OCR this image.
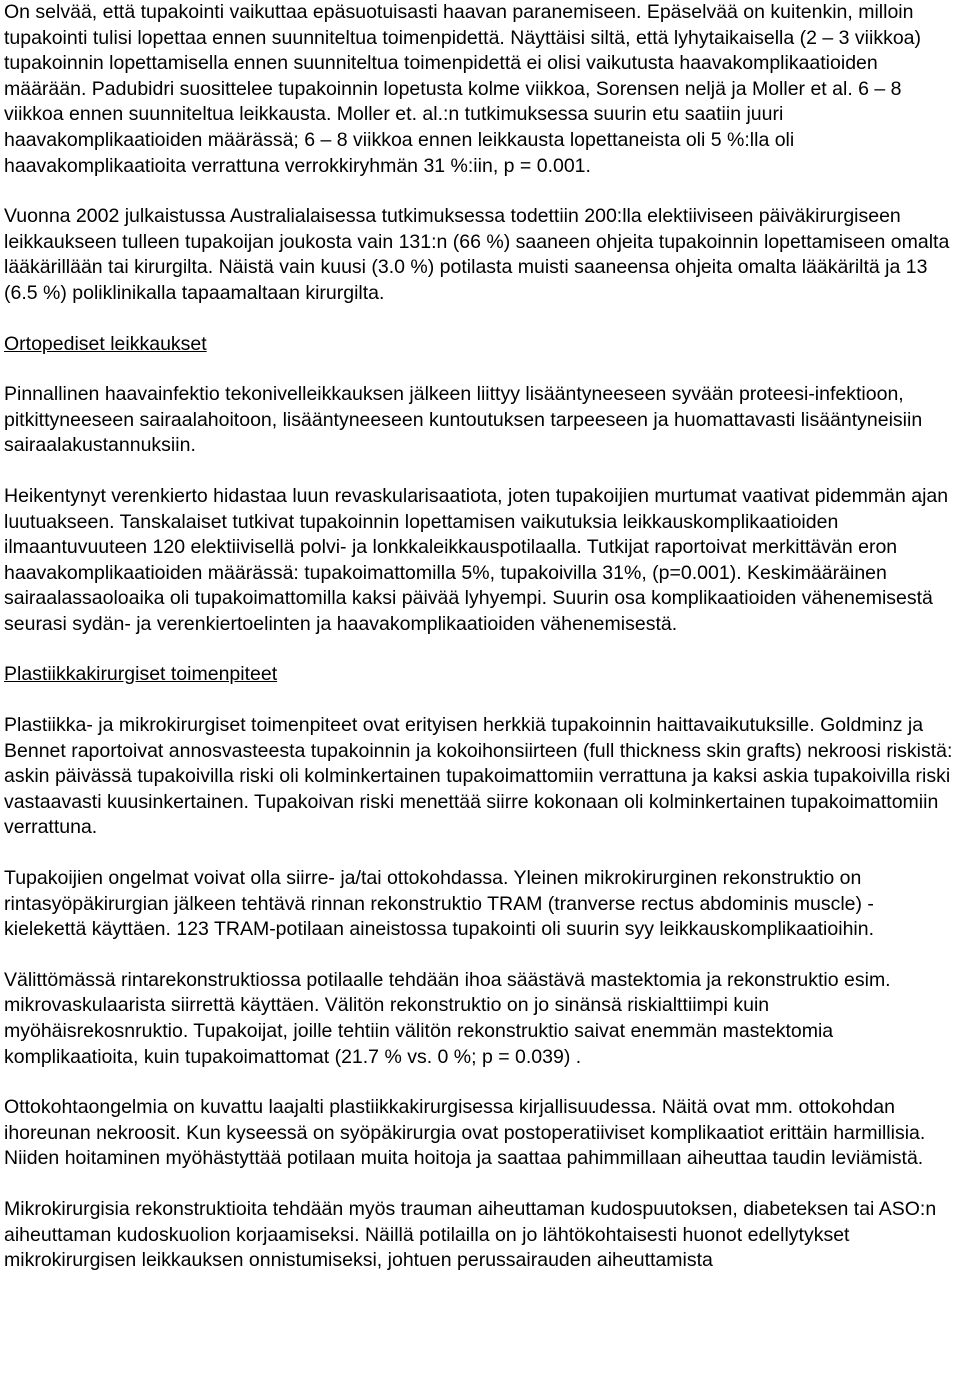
On selvää, että tupakointi vaikuttaa epäsuotuisasti haavan paranemiseen. Epäselvää on kuitenkin, milloin tupakointi tulisi lopettaa ennen suunniteltua toimenpidettä. Näyttäisi siltä, että lyhytaikaisella (2 – 3 viikkoa) tupakoinnin lopettamisella ennen suunniteltua toimenpidettä ei olisi vaikutusta haavakomplikaatioiden määrään. Padubidri suosittelee tupakoinnin lopetusta kolme viikkoa, Sorensen neljä ja Moller et al. 6 – 8 viikkoa ennen suunniteltua leikkausta. Moller et. al.:n tutkimuksessa suurin etu saatiin juuri haavakomplikaatioiden määrässä; 6 – 8 viikkoa ennen leikkausta lopettaneista oli 5 %:lla oli haavakomplikaatioita verrattuna verrokkiryhmän 31 %:iin, p = 0.001.

Vuonna 2002 julkaistussa Australialaisessa tutkimuksessa todettiin 200:lla elektiiviseen päiväkirurgiseen leikkaukseen tulleen tupakoijan joukosta vain 131:n (66 %) saaneen ohjeita tupakoinnin lopettamiseen omalta lääkärillään tai kirurgilta. Näistä vain kuusi (3.0 %) potilasta muisti saaneensa ohjeita omalta lääkäriltä ja 13 (6.5 %) poliklinikalla tapaamaltaan kirurgilta.

Ortopediset leikkaukset

Pinnallinen haavainfektio tekonivelleikkauksen jälkeen liittyy lisääntyneeseen syvään proteesi-infektioon, pitkittyneeseen sairaalahoitoon, lisääntyneeseen kuntoutuksen tarpeeseen ja huomattavasti lisääntyneisiin sairaalakustannuksiin.

Heikentynyt verenkierto hidastaa luun revaskularisaatiota, joten tupakoijien murtumat vaativat pidemmän ajan luutuakseen. Tanskalaiset tutkivat tupakoinnin lopettamisen vaikutuksia leikkauskomplikaatioiden ilmaantuvuuteen 120 elektiivisellä polvi- ja lonkkaleikkauspotilaalla. Tutkijat raportoivat merkittävän eron haavakomplikaatioiden määrässä: tupakoimattomilla 5%, tupakoivilla 31%, (p=0.001). Keskimääräinen sairaalassaoloaika oli tupakoimattomilla kaksi päivää lyhyempi. Suurin osa komplikaatioiden vähenemisestä seurasi sydän- ja verenkiertoelinten ja haavakomplikaatioiden vähenemisestä.

Plastiikkakirurgiset toimenpiteet

Plastiikka- ja mikrokirurgiset toimenpiteet ovat erityisen herkkiä tupakoinnin haittavaikutuksille. Goldminz ja Bennet raportoivat annosvasteesta tupakoinnin ja kokoihonsiirteen (full thickness skin grafts) nekroosi riskistä: askin päivässä tupakoivilla riski oli kolminkertainen tupakoimattomiin verrattuna ja kaksi askia tupakoivilla riski vastaavasti kuusinkertainen. Tupakoivan riski menettää siirre kokonaan oli kolminkertainen tupakoimattomiin verrattuna.

Tupakoijien ongelmat voivat olla siirre- ja/tai ottokohdassa. Yleinen mikrokirurginen rekonstruktio on rintasyöpäkirurgian jälkeen tehtävä rinnan rekonstruktio TRAM (tranverse rectus abdominis muscle) -kielekettä käyttäen. 123 TRAM-potilaan aineistossa tupakointi oli suurin syy leikkauskomplikaatioihin.

Välittömässä rintarekonstruktiossa potilaalle tehdään ihoa säästävä mastektomia ja rekonstruktio esim. mikrovaskulaarista siirrettä käyttäen. Välitön rekonstruktio on jo sinänsä riskialttiimpi kuin myöhäisrekosnruktio. Tupakoijat, joille tehtiin välitön rekonstruktio saivat enemmän mastektomia komplikaatioita, kuin tupakoimattomat (21.7 % vs. 0 %; p = 0.039) .

Ottokohtaongelmia on kuvattu laajalti plastiikkakirurgisessa kirjallisuudessa. Näitä ovat mm. ottokohdan ihoreunan nekroosit. Kun kyseessä on syöpäkirurgia ovat postoperatiiviset komplikaatiot erittäin harmillisia. Niiden hoitaminen myöhästyttää potilaan muita hoitoja ja saattaa pahimmillaan aiheuttaa taudin leviämistä.

Mikrokirurgisia rekonstruktioita tehdään myös trauman aiheuttaman kudospuutoksen, diabeteksen tai ASO:n aiheuttaman kudoskuolion korjaamiseksi. Näillä potilailla on jo lähtökohtaisesti huonot edellytykset mikrokirurgisen leikkauksen onnistumiseksi, johtuen perussairauden aiheuttamista
